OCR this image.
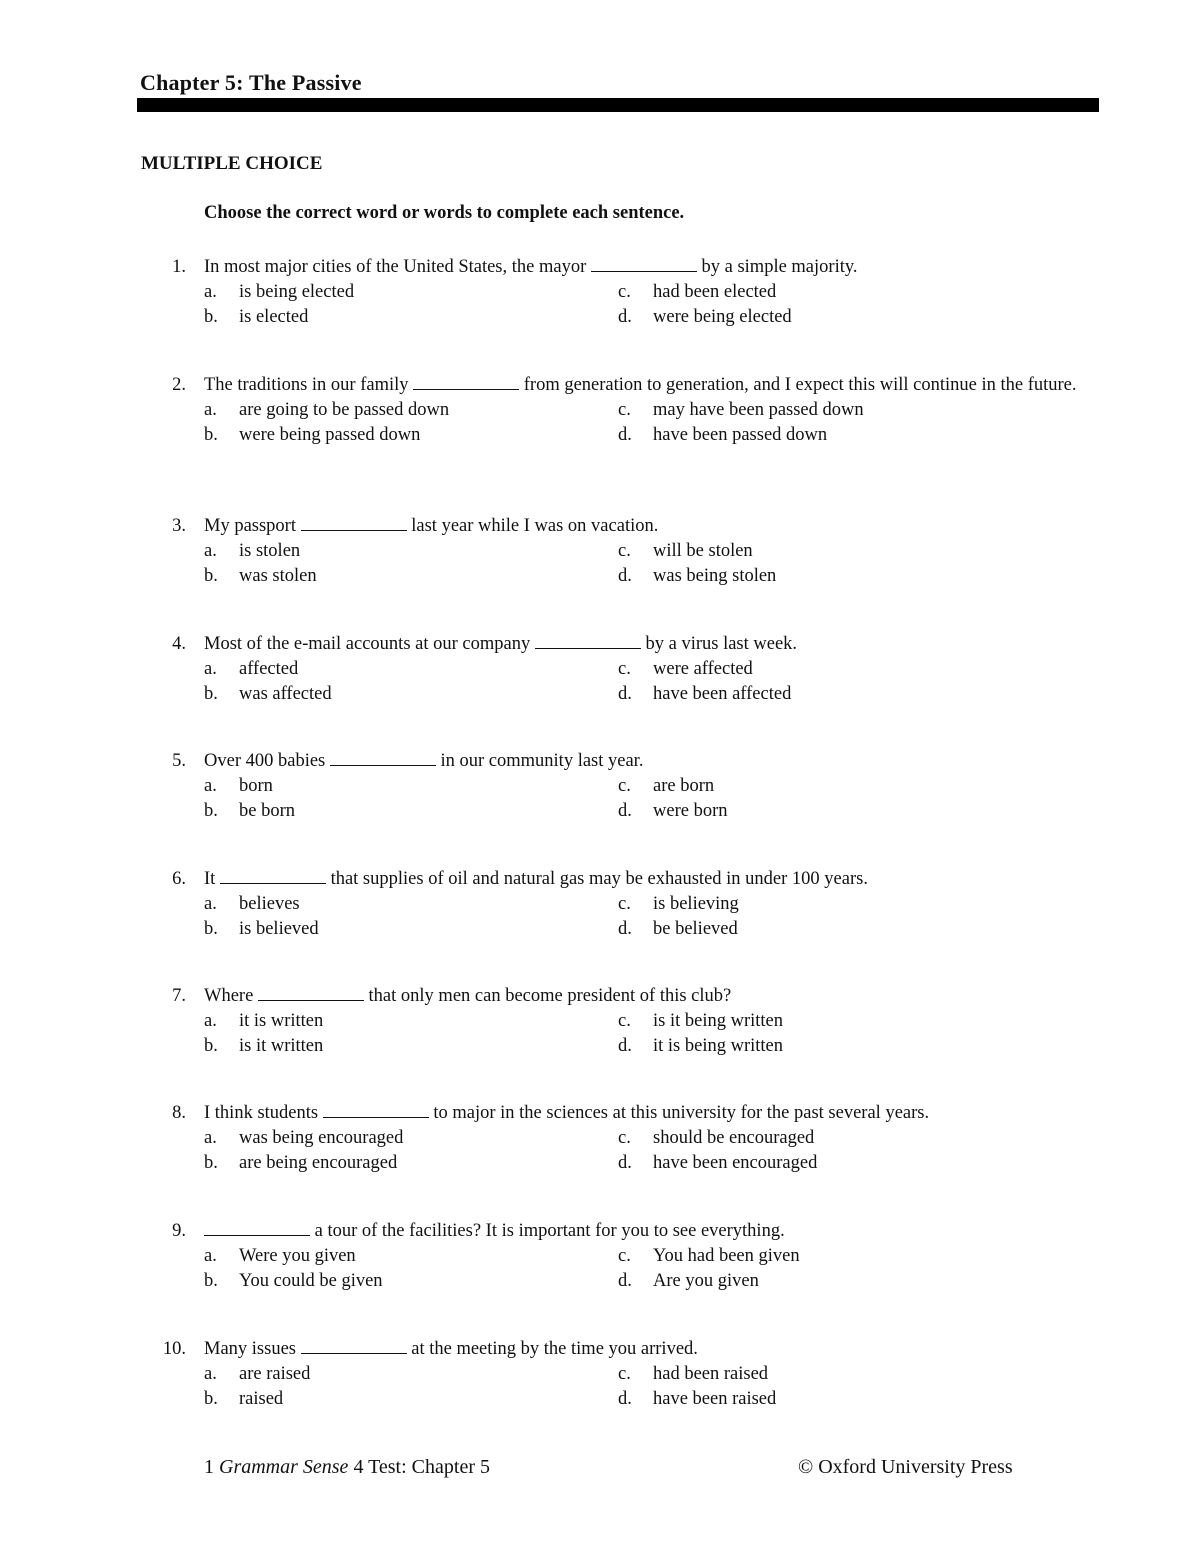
Chapter 5: The Passive
MULTIPLE CHOICE
Choose the correct word or words to complete each sentence.
1. In most major cities of the United States, the mayor	by a simple majority.
a. is being elected
b. is elected
c. had been elected
d. were being elected
2. The traditions in our family	from generation to generation, and I expect this will continue in the future.
a. are going to be passed down
b. were being passed down
c. may have been passed down
d. have been passed down
3. My passport	last year while I was on vacation.
a. is stolen
b. was stolen
c. will be stolen
d. was being stolen
4. Most of the e-mail accounts at our company	by a virus last week.
a. affected
b. was affected
c. were affected
d. have been affected
5. Over 400 babies	in our community last year.
a. born
b. be born
c. are born
d. were born
6. It	that supplies of oil and natural gas may be exhausted in under 100 years.
a. believes
b. is believed
c. is believing
d. be believed
7. Where	that only men can become president of this club?
a. it is written
b. is it written
c. is it being written
d. it is being written
8. I think students	to major in the sciences at this university for the past several years.
a. was being encouraged
b. are being encouraged
c. should be encouraged
d. have been encouraged
9.	a tour of the facilities? It is important for you to see everything.
a. Were you given
b. You could be given
c. You had been given
d. Are you given
10. Many issues	at the meeting by the time you arrived.
a. are raised
b. raised
c. had been raised
d. have been raised
1 Grammar Sense 4 Test: Chapter 5	© Oxford University Press
